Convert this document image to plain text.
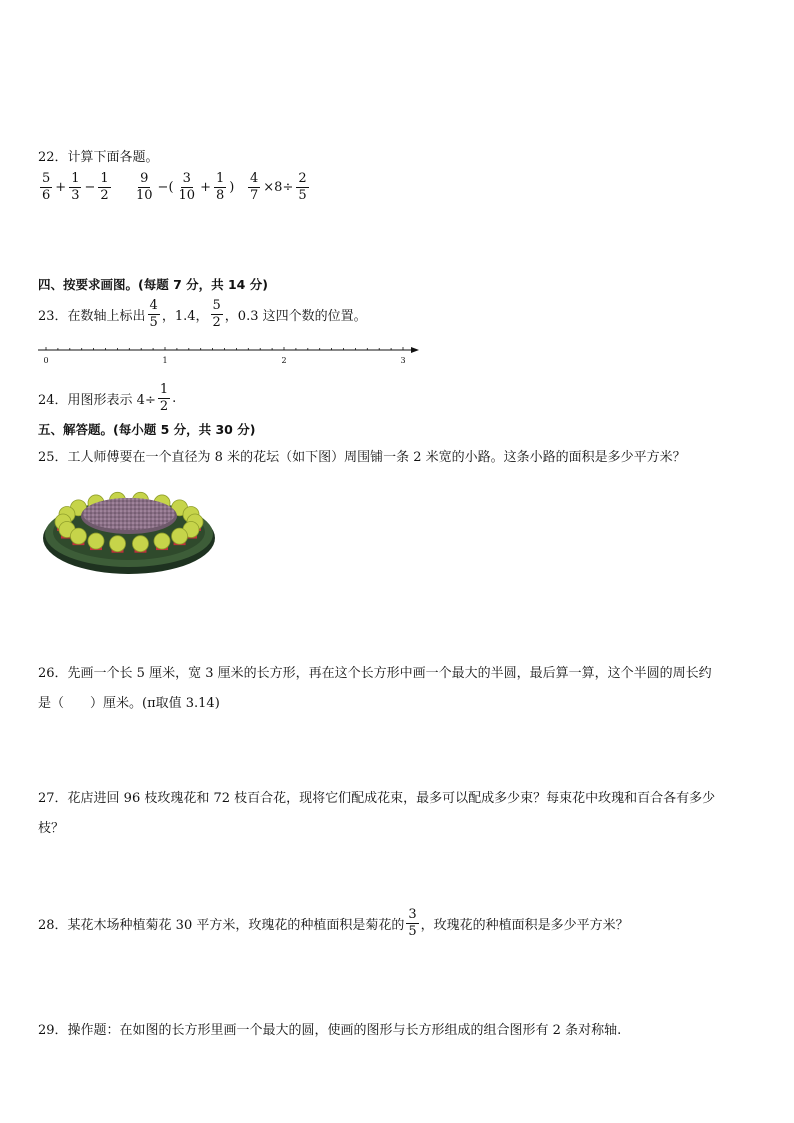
22．计算下面各题。
$\frac{5}{6} + \frac{1}{3} - \frac{1}{2} \frac{9}{10}$ −( $\frac{3}{10} + \frac{1}{8}$ ) $\frac{4}{7} \times 8\div \frac{2}{5}$
四、按要求画图。(每题 7 分，共 14 分)
23．在数轴上标出 $\frac{4}{5}$ ，1.4， $\frac{5}{2}$ ，0.3 这四个数的位置。
0	1	2	3
24．用图形表示 $4\div \frac{1}{2}$ .
五、解答题。(每小题 5 分，共 30 分)
25．工人师傅要在一个直径为 8 米的花坛（如下图）周围铺一条 2 米宽的小路。这条小路的面积是多少平方米？
26．先画一个长 5 厘米，宽 3 厘米的长方形，再在这个长方形中画一个最大的半圆，最后算一算，这个半圆的周长约
是（　　）厘米。(π取值 3.14)
27．花店进回 96 枝玫瑰花和 72 枝百合花，现将它们配成花束，最多可以配成多少束？每束花中玫瑰和百合各有多少
枝？
28．某花木场种植菊花 30 平方米，玫瑰花的种植面积是菊花的 $\frac{3}{5}$ ，玫瑰花的种植面积是多少平方米？
29．操作题：在如图的长方形里画一个最大的圆，使画的图形与长方形组成的组合图形有 2 条对称轴.
